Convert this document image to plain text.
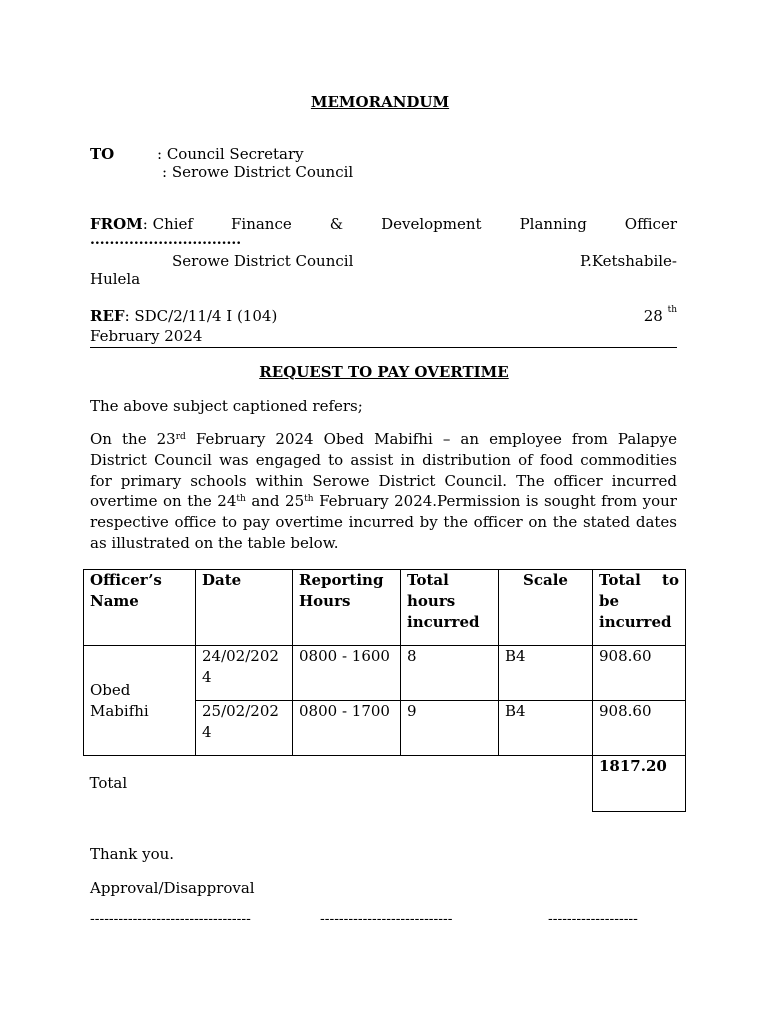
MEMORANDUM
TO	: Council Secretary
: Serowe District Council
FROM: Chief	Finance	&	Development	Planning	Officer
...............................
Serowe District Council	P.Ketshabile-
Hulela
REF: SDC/2/11/4 I (104)	28 $^{th}$
February 2024
REQUEST TO PAY OVERTIME
The above subject captioned refers;
On the 23rd February 2024 Obed Mabifhi – an employee from Palapye District Council was engaged to assist in distribution of food commodities for primary schools within Serowe District Council. The officer incurred overtime on the 24th and 25th February 2024.Permission is sought from your respective office to pay overtime incurred by the officer on the stated dates as illustrated on the table below.
Officer’s Name	Date	Reporting Hours	Total hours incurred	Scale	Total to be incurred

Obed Mabifhi	24/02/2024	0800 - 1600	8	B4	908.60
	25/02/2024	0800 - 1700	9	B4	908.60
Total					1817.20
Thank you.
Approval/Disapproval
----------------------------------	----------------------------	-------------------
